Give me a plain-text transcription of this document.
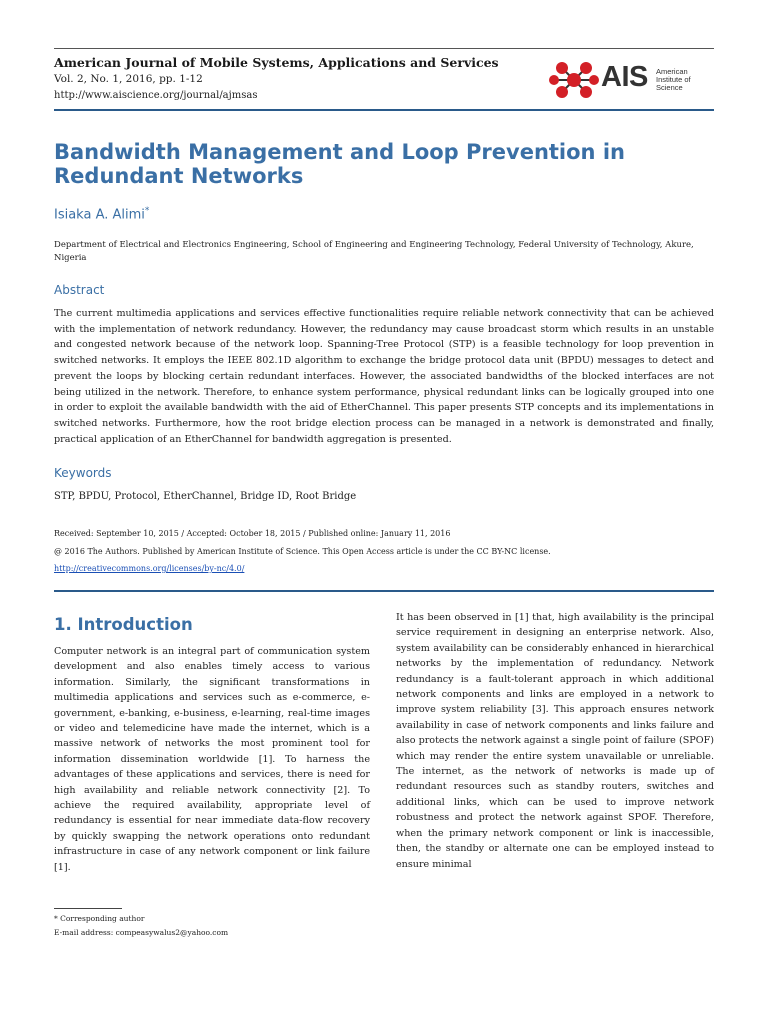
American Journal of Mobile Systems, Applications and Services
Vol. 2, No. 1, 2016, pp. 1-12
http://www.aiscience.org/journal/ajmsas
AIS American
Institute of
Science
Bandwidth Management and Loop Prevention in Redundant Networks
Isiaka A. Alimi*
Department of Electrical and Electronics Engineering, School of Engineering and Engineering Technology, Federal University of Technology, Akure, Nigeria
Abstract
The current multimedia applications and services effective functionalities require reliable network connectivity that can be achieved with the implementation of network redundancy. However, the redundancy may cause broadcast storm which results in an unstable and congested network because of the network loop. Spanning-Tree Protocol (STP) is a feasible technology for loop prevention in switched networks. It employs the IEEE 802.1D algorithm to exchange the bridge protocol data unit (BPDU) messages to detect and prevent the loops by blocking certain redundant interfaces. However, the associated bandwidths of the blocked interfaces are not being utilized in the network. Therefore, to enhance system performance, physical redundant links can be logically grouped into one in order to exploit the available bandwidth with the aid of EtherChannel. This paper presents STP concepts and its implementations in switched networks. Furthermore, how the root bridge election process can be managed in a network is demonstrated and finally, practical application of an EtherChannel for bandwidth aggregation is presented.
Keywords
STP, BPDU, Protocol, EtherChannel, Bridge ID, Root Bridge
Received: September 10, 2015 / Accepted: October 18, 2015 / Published online: January 11, 2016
@ 2016 The Authors. Published by American Institute of Science. This Open Access article is under the CC BY-NC license.
http://creativecommons.org/licenses/by-nc/4.0/
1. Introduction
Computer network is an integral part of communication system development and also enables timely access to various information. Similarly, the significant transformations in multimedia applications and services such as e-commerce, e-government, e-banking, e-business, e-learning, real-time images or video and telemedicine have made the internet, which is a massive network of networks the most prominent tool for information dissemination worldwide [1]. To harness the advantages of these applications and services, there is need for high availability and reliable network connectivity [2]. To achieve the required availability, appropriate level of redundancy is essential for near immediate data-flow recovery by quickly swapping the network operations onto redundant infrastructure in case of any network component or link failure [1].
It has been observed in [1] that, high availability is the principal service requirement in designing an enterprise network. Also, system availability can be considerably enhanced in hierarchical networks by the implementation of redundancy. Network redundancy is a fault-tolerant approach in which additional network components and links are employed in a network to improve system reliability [3]. This approach ensures network availability in case of network components and links failure and also protects the network against a single point of failure (SPOF) which may render the entire system unavailable or unreliable. The internet, as the network of networks is made up of redundant resources such as standby routers, switches and additional links, which can be used to improve network robustness and protect the network against SPOF. Therefore, when the primary network component or link is inaccessible, then, the standby or alternate one can be employed instead to ensure minimal
* Corresponding author
E-mail address: compeasywalus2@yahoo.com
